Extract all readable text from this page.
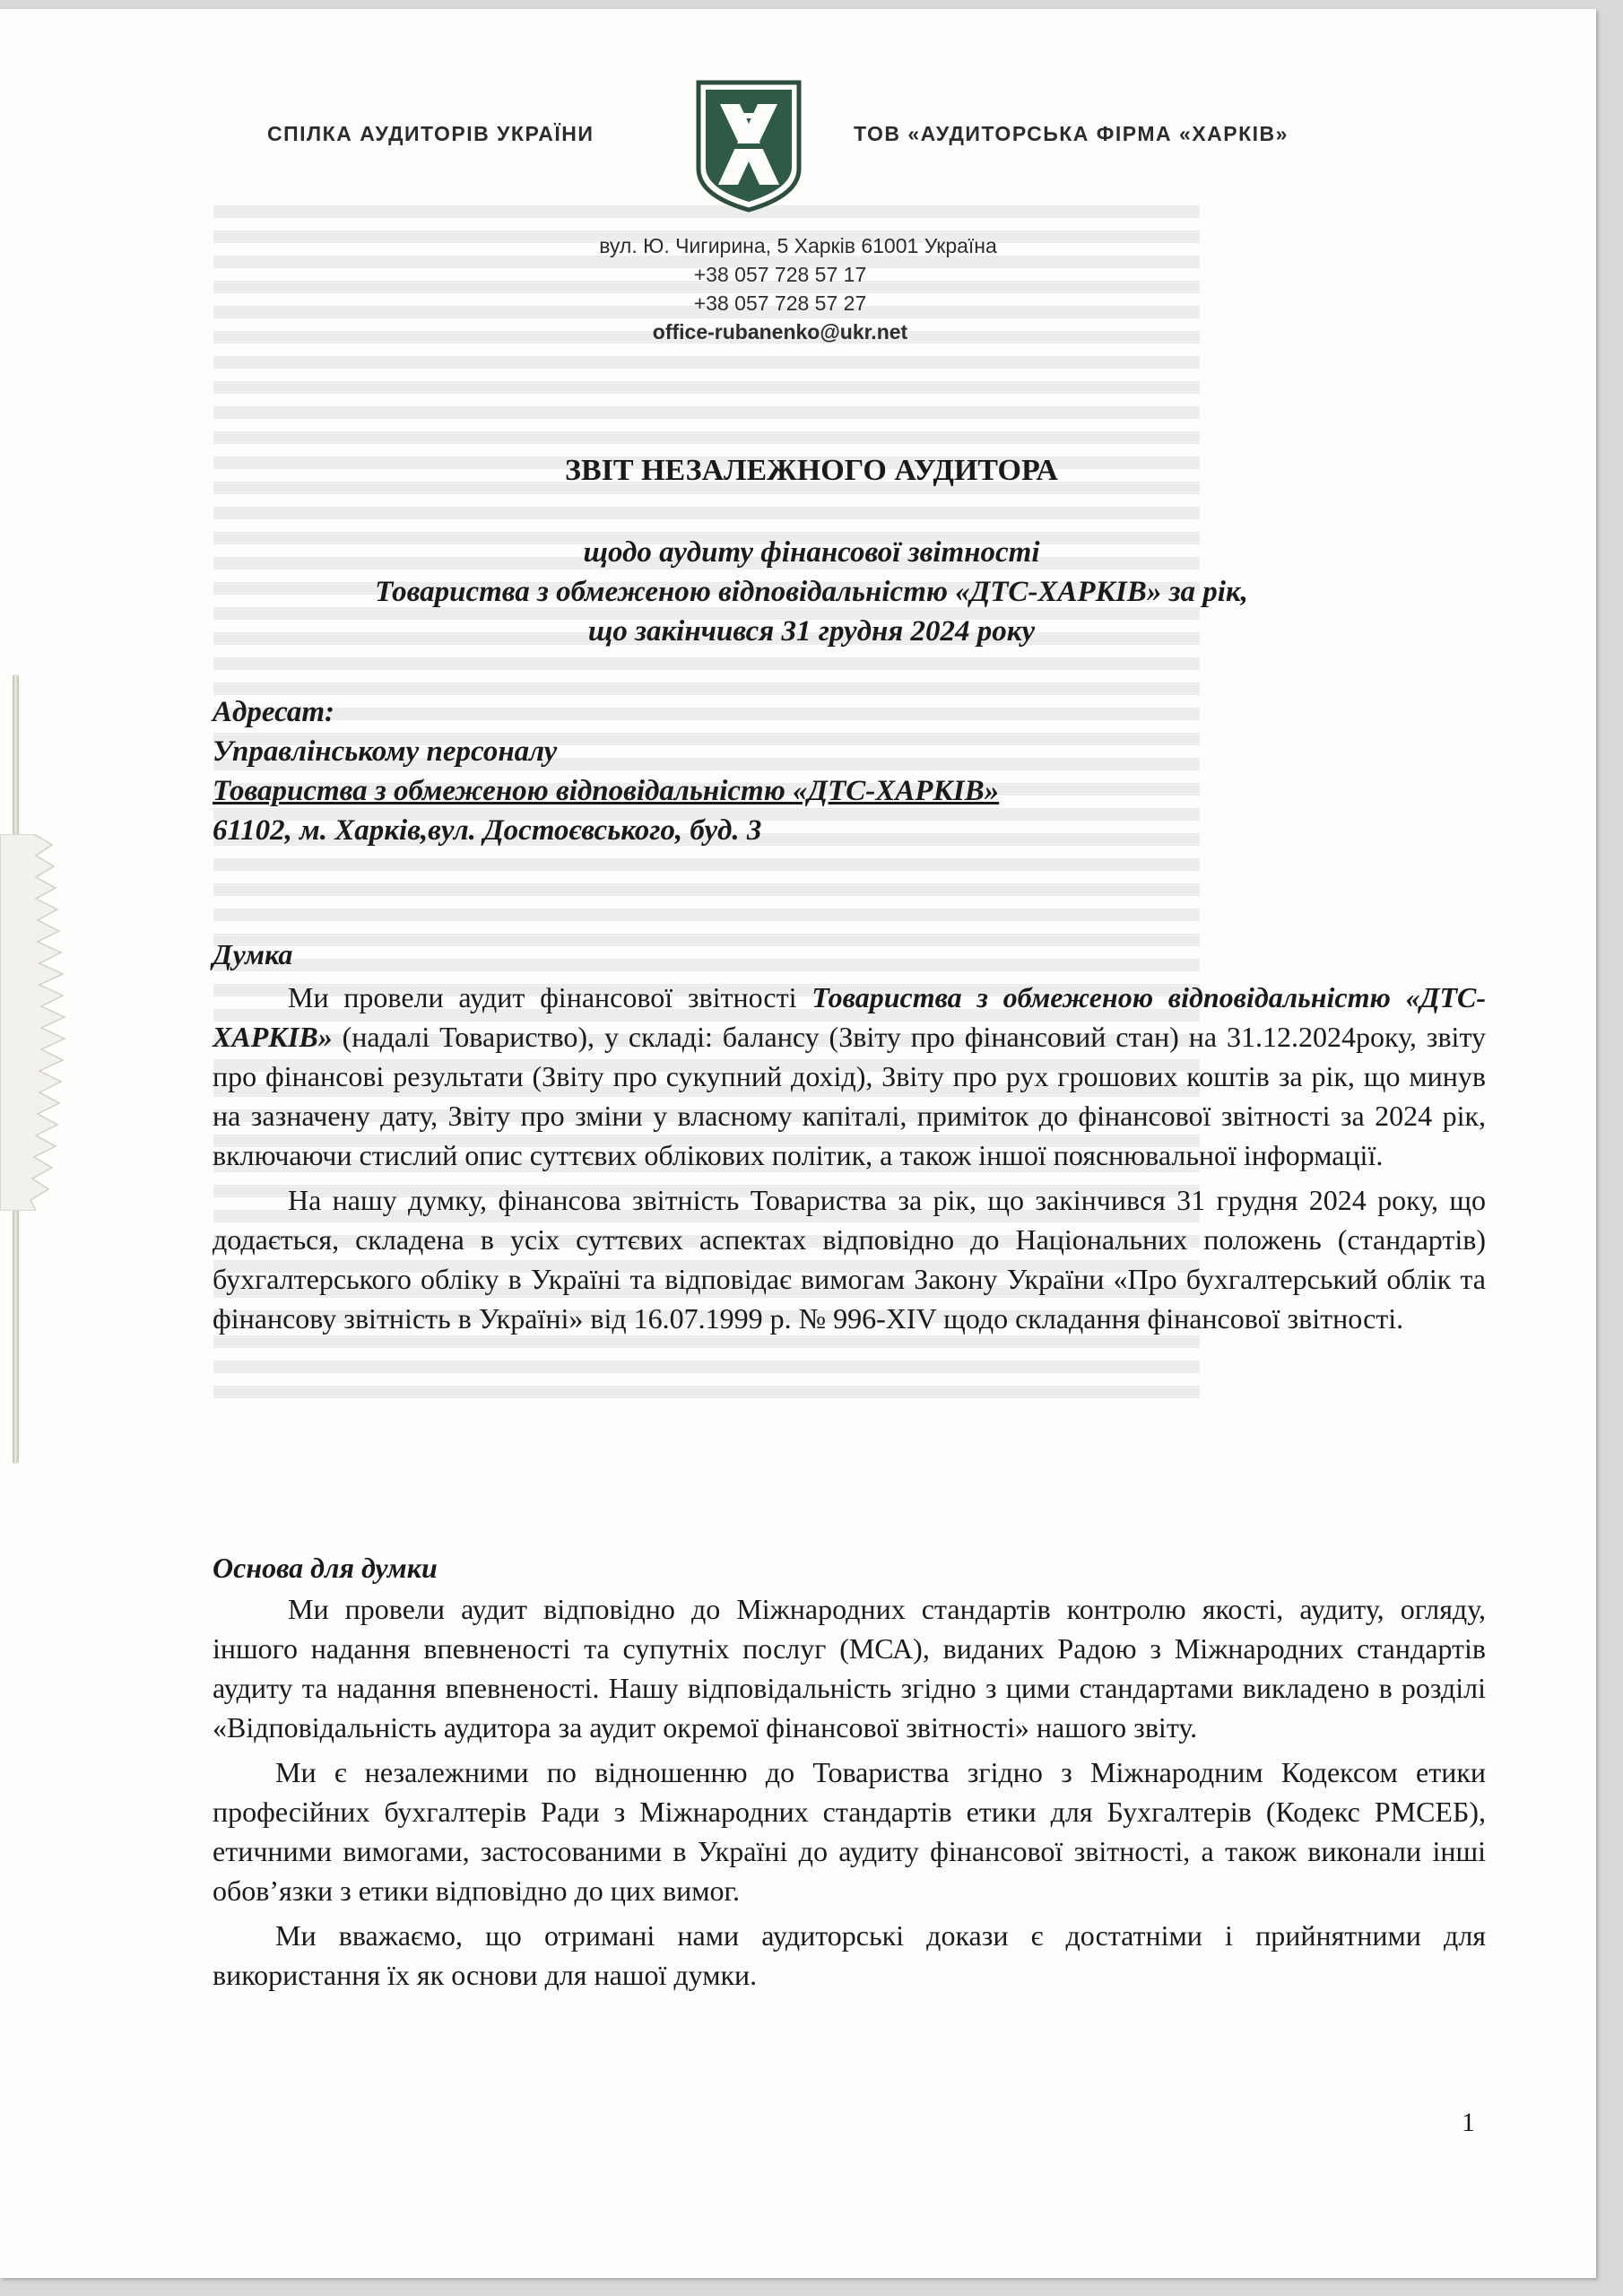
СПІЛКА АУДИТОРІВ УКРАЇНИ	ТОВ «АУДИТОРСЬКА ФІРМА «ХАРКІВ»
вул. Ю. Чигирина, 5 Харків 61001 Україна
+38 057 728 57 17
+38 057 728 57 27
office-rubanenko@ukr.net
ЗВІТ НЕЗАЛЕЖНОГО АУДИТОРА
щодо аудиту фінансової звітності
Товариства з обмеженою відповідальністю «ДТС-ХАРКІВ» за рік,
що закінчився 31 грудня 2024 року
Адресат:
Управлінському персоналу
Товариства з обмеженою відповідальністю «ДТС-ХАРКІВ»
61102, м. Харків,вул. Достоєвського, буд. 3
Думка

Ми провели аудит фінансової звітності Товариства з обмеженою відповідальністю «ДТС-ХАРКІВ» (надалі Товариство), у складі: балансу (Звіту про фінансовий стан) на 31.12.2024року, звіту про фінансові результати (Звіту про сукупний дохід), Звіту про рух грошових коштів за рік, що минув на зазначену дату, Звіту про зміни у власному капіталі, приміток до фінансової звітності за 2024 рік, включаючи стислий опис суттєвих облікових політик, а також іншої пояснювальної інформації.

На нашу думку, фінансова звітність Товариства за рік, що закінчився 31 грудня 2024 року, що додається, складена в усіх суттєвих аспектах відповідно до Національних положень (стандартів) бухгалтерського обліку в Україні та відповідає вимогам Закону України «Про бухгалтерський облік та фінансову звітність в Україні» від 16.07.1999 р. № 996-XIV щодо складання фінансової звітності.

Основа для думки

Ми провели аудит відповідно до Міжнародних стандартів контролю якості, аудиту, огляду, іншого надання впевненості та супутніх послуг (МСА), виданих Радою з Міжнародних стандартів аудиту та надання впевненості. Нашу відповідальність згідно з цими стандартами викладено в розділі «Відповідальність аудитора за аудит окремої фінансової звітності» нашого звіту.

Ми є незалежними по відношенню до Товариства згідно з Міжнародним Кодексом етики професійних бухгалтерів Ради з Міжнародних стандартів етики для Бухгалтерів (Кодекс РМСЕБ), етичними вимогами, застосованими в Україні до аудиту фінансової звітності, а також виконали інші обов’язки з етики відповідно до цих вимог.

Ми вважаємо, що отримані нами аудиторські докази є достатніми і прийнятними для використання їх як основи для нашої думки.

1
